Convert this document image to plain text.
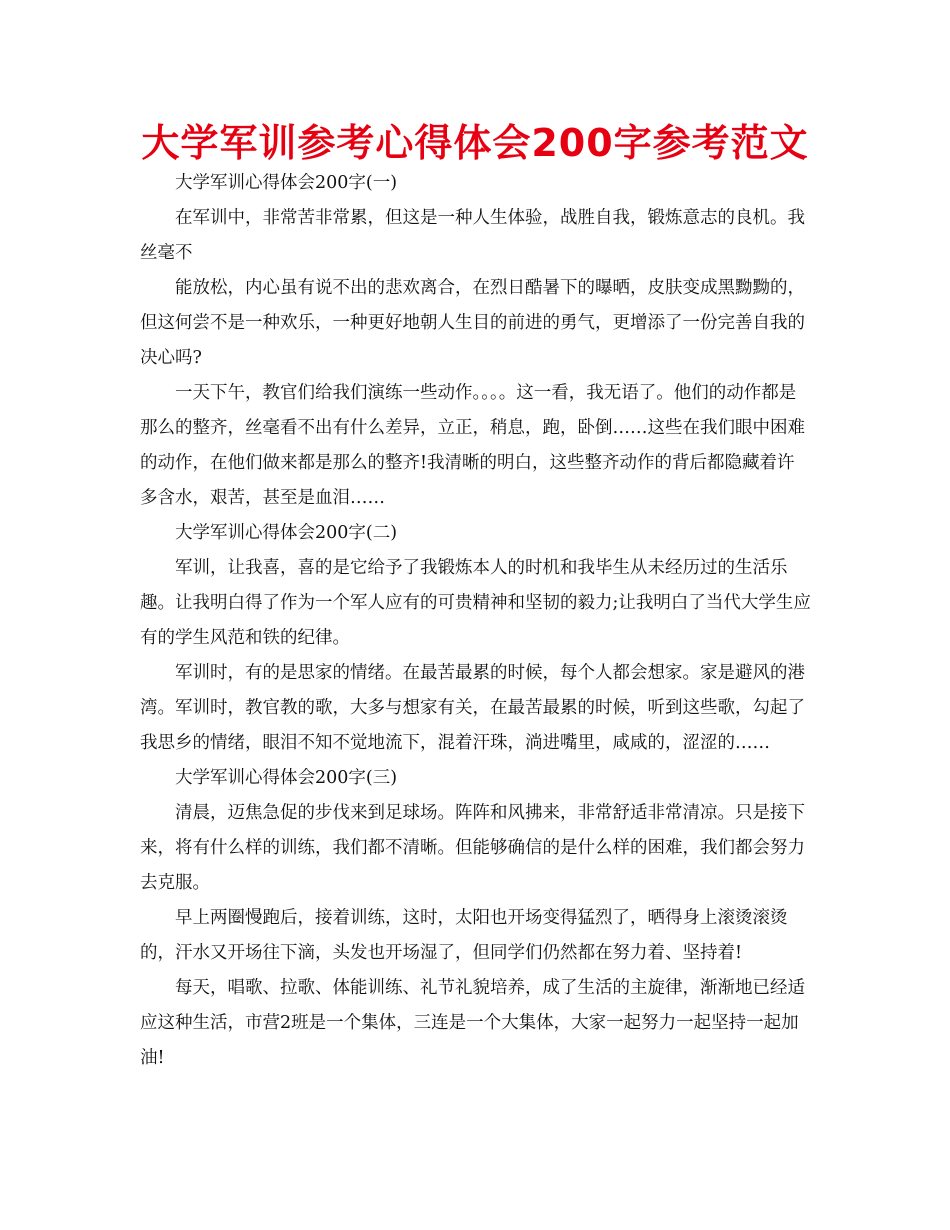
大学军训参考心得体会200字参考范文

大学军训心得体会200字(一)

在军训中，非常苦非常累，但这是一种人生体验，战胜自我，锻炼意志的良机。我丝毫不

能放松，内心虽有说不出的悲欢离合，在烈日酷暑下的曝晒，皮肤变成黑黝黝的，但这何尝不是一种欢乐，一种更好地朝人生目的前进的勇气，更增添了一份完善自我的决心吗?

一天下午，教官们给我们演练一些动作。。。。这一看，我无语了。他们的动作都是那么的整齐，丝毫看不出有什么差异，立正，稍息，跑，卧倒……这些在我们眼中困难的动作，在他们做来都是那么的整齐!我清晰的明白，这些整齐动作的背后都隐藏着许多含水，艰苦，甚至是血泪……

大学军训心得体会200字(二)

军训，让我喜，喜的是它给予了我锻炼本人的时机和我毕生从未经历过的生活乐趣。让我明白得了作为一个军人应有的可贵精神和坚韧的毅力;让我明白了当代大学生应有的学生风范和铁的纪律。

军训时，有的是思家的情绪。在最苦最累的时候，每个人都会想家。家是避风的港湾。军训时，教官教的歌，大多与想家有关，在最苦最累的时候，听到这些歌，勾起了我思乡的情绪，眼泪不知不觉地流下，混着汗珠，淌进嘴里，咸咸的，涩涩的……

大学军训心得体会200字(三)

清晨，迈焦急促的步伐来到足球场。阵阵和风拂来，非常舒适非常清凉。只是接下来，将有什么样的训练，我们都不清晰。但能够确信的是什么样的困难，我们都会努力去克服。

早上两圈慢跑后，接着训练，这时，太阳也开场变得猛烈了，晒得身上滚烫滚烫的，汗水又开场往下滴，头发也开场湿了，但同学们仍然都在努力着、坚持着!

每天，唱歌、拉歌、体能训练、礼节礼貌培养，成了生活的主旋律，渐渐地已经适应这种生活，市营2班是一个集体，三连是一个大集体，大家一起努力一起坚持一起加油!
